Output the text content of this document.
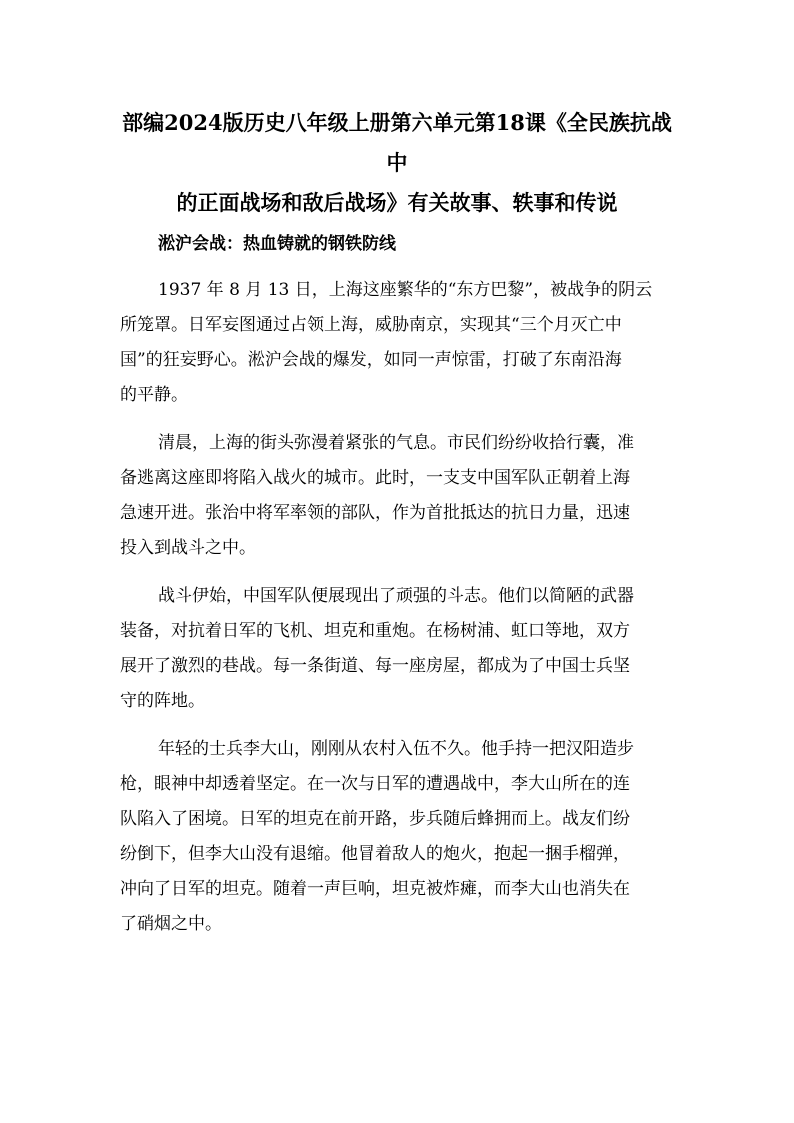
部编2024版历史八年级上册第六单元第18课《全民族抗战中
的正面战场和敌后战场》有关故事、轶事和传说
淞沪会战：热血铸就的钢铁防线

1937 年 8 月 13 日，上海这座繁华的“东方巴黎”，被战争的阴云
所笼罩。日军妄图通过占领上海，威胁南京，实现其“三个月灭亡中
国”的狂妄野心。淞沪会战的爆发，如同一声惊雷，打破了东南沿海
的平静。

清晨，上海的街头弥漫着紧张的气息。市民们纷纷收拾行囊，准
备逃离这座即将陷入战火的城市。此时，一支支中国军队正朝着上海
急速开进。张治中将军率领的部队，作为首批抵达的抗日力量，迅速
投入到战斗之中。

战斗伊始，中国军队便展现出了顽强的斗志。他们以简陋的武器
装备，对抗着日军的飞机、坦克和重炮。在杨树浦、虹口等地，双方
展开了激烈的巷战。每一条街道、每一座房屋，都成为了中国士兵坚
守的阵地。

年轻的士兵李大山，刚刚从农村入伍不久。他手持一把汉阳造步
枪，眼神中却透着坚定。在一次与日军的遭遇战中，李大山所在的连
队陷入了困境。日军的坦克在前开路，步兵随后蜂拥而上。战友们纷
纷倒下，但李大山没有退缩。他冒着敌人的炮火，抱起一捆手榴弹，
冲向了日军的坦克。随着一声巨响，坦克被炸瘫，而李大山也消失在
了硝烟之中。
